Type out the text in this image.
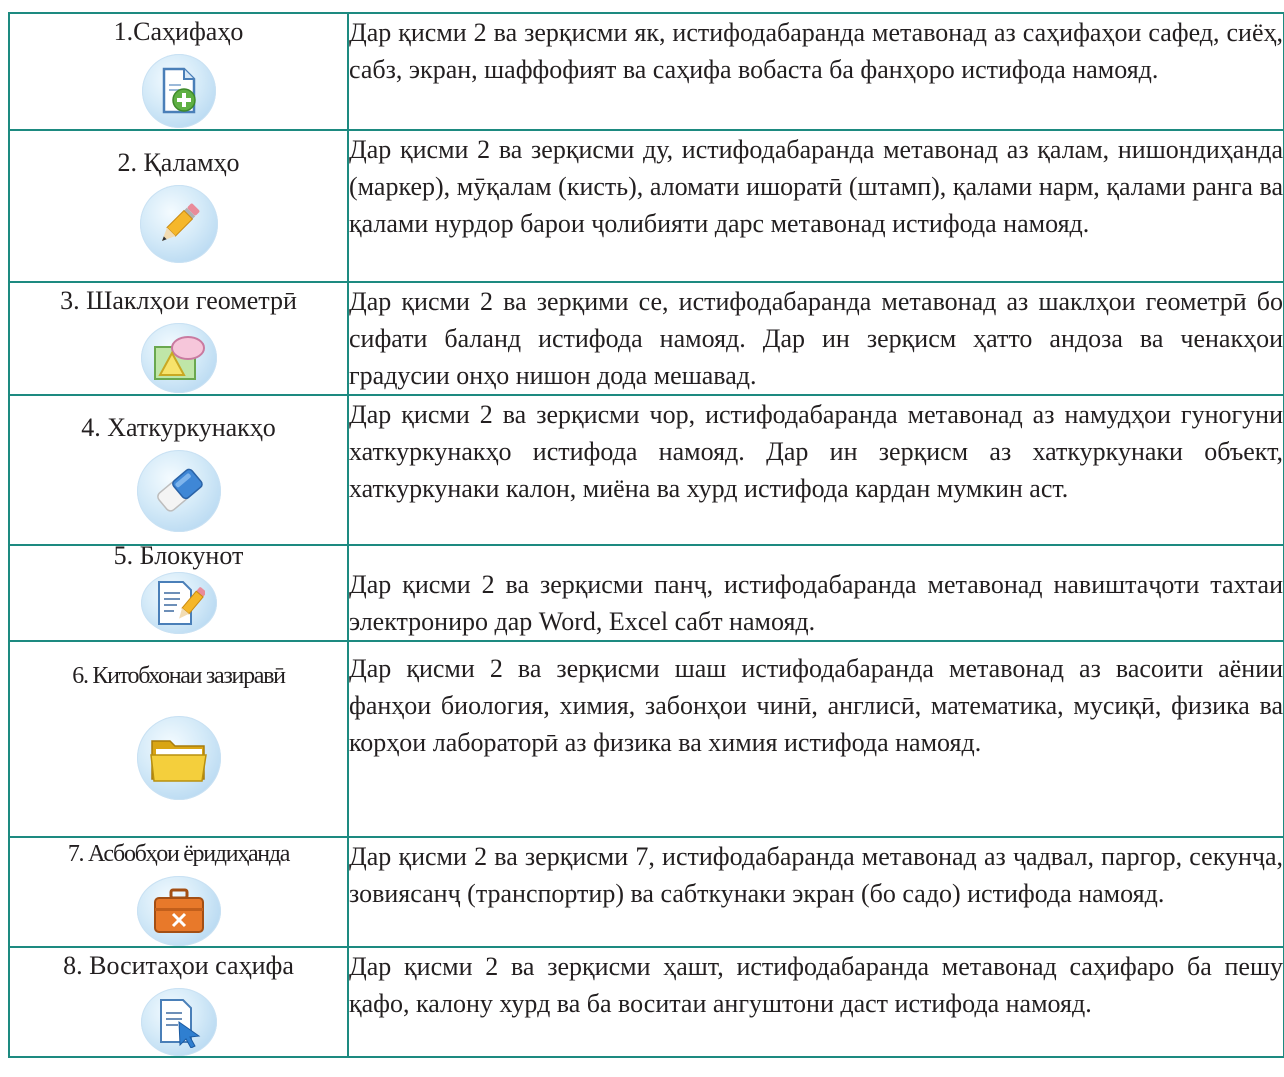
1.Саҳифаҳо	Дар қисми 2 ва зерқисми як, истифодабаранда метавонад аз саҳифаҳои сафед, сиёҳ, сабз, экран, шаффофият ва саҳифа вобаста ба фанҳоро истифода намояд.

2. Қаламҳо	Дар қисми 2 ва зерқисми ду, истифодабаранда метавонад аз қалам, нишондиҳанда (маркер), мӯқалам (кисть), аломати ишоратӣ (штамп), қалами нарм, қалами ранга ва қалами нурдор барои ҷолибияти дарс метавонад истифода намояд.

3. Шаклҳои геометрӣ	Дар қисми 2 ва зерқими се, истифодабаранда метавонад аз шаклҳои геометрӣ бо сифати баланд истифода намояд. Дар ин зерқисм ҳатто андоза ва ченакҳои градусии онҳо нишон дода мешавад.

4. Хаткуркунакҳо	Дар қисми 2 ва зерқисми чор, истифодабаранда метавонад аз намудҳои гуногуни хаткуркунакҳо истифода намояд. Дар ин зерқисм аз хаткуркунаки объект, хаткуркунаки калон, миёна ва хурд истифода кардан мумкин аст.

5. Блокунот	Дар қисми 2 ва зерқисми панҷ, истифодабаранда метавонад навиштаҷоти тахтаи электрониро дар Word, Excel сабт намояд.

6. Китобхонаи зазиравӣ	Дар қисми 2 ва зерқисми шаш истифодабаранда метавонад аз васоити аёнии фанҳои биология, химия, забонҳои чинӣ, англисӣ, математика, мусиқӣ, физика ва корҳои лабораторӣ аз физика ва химия истифода намояд.

7. Асбобҳои ёридиҳанда	Дар қисми 2 ва зерқисми 7, истифодабаранда метавонад аз ҷадвал, паргор, секунҷа, зовиясанҷ (транспортир) ва сабткунаки экран (бо садо) истифода намояд.

8. Воситаҳои саҳифа	Дар қисми 2 ва зерқисми ҳашт, истифодабаранда метавонад саҳифаро ба пешу қафо, калону хурд ва ба воситаи ангуштони даст истифода намояд.
